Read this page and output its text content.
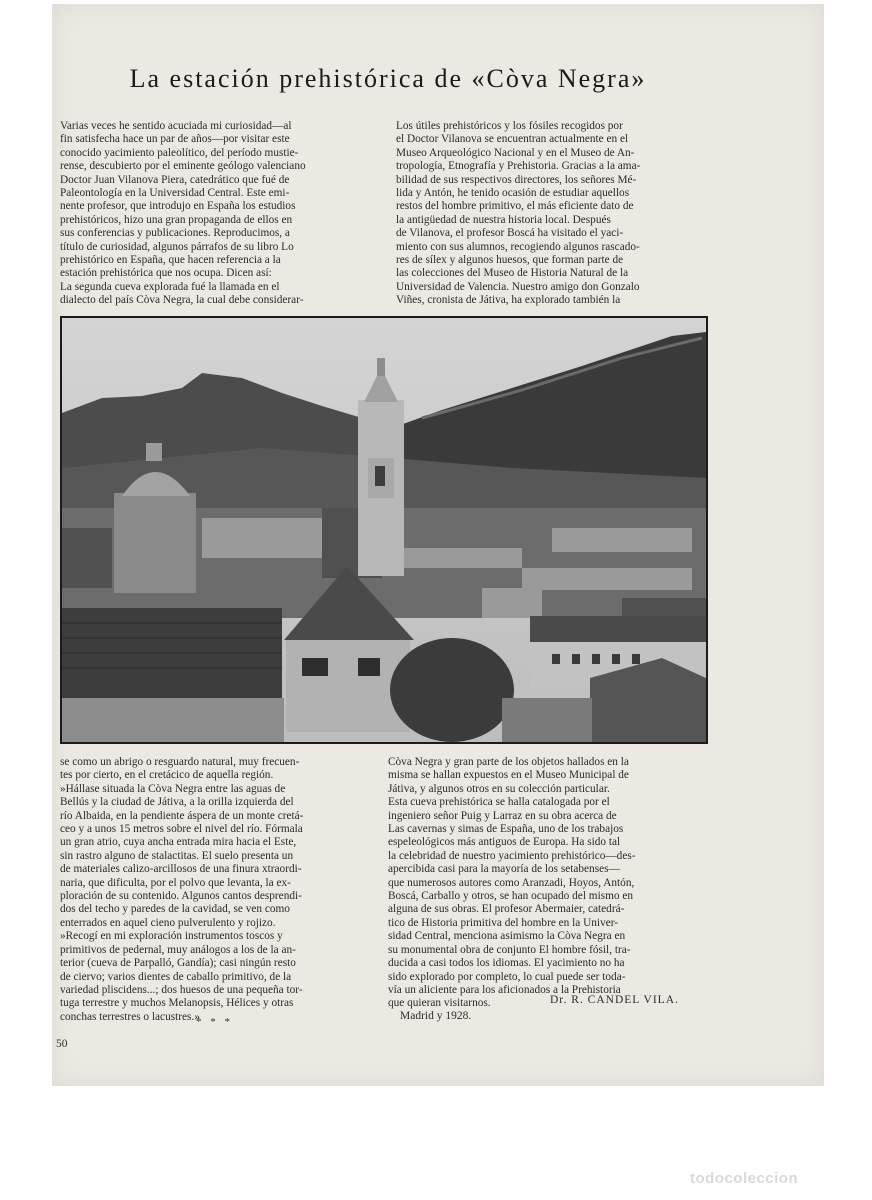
La estación prehistórica de «Còva Negra»
Varias veces he sentido acuciada mi curiosidad—al
fin satisfecha hace un par de años—por visitar este
conocido yacimiento paleolítico, del período mustie-
rense, descubierto por el eminente geólogo valenciano
Doctor Juan Vilanova Piera, catedrático que fué de
Paleontología en la Universidad Central. Este emi-
nente profesor, que introdujo en España los estudios
prehistóricos, hizo una gran propaganda de ellos en
sus conferencias y publicaciones. Reproducimos, a
título de curiosidad, algunos párrafos de su libro Lo
prehistórico en España, que hacen referencia a la
estación prehistórica que nos ocupa. Dicen así:
La segunda cueva explorada fué la llamada en el
dialecto del país Còva Negra, la cual debe considerar-
Los útiles prehistóricos y los fósiles recogidos por
el Doctor Vilanova se encuentran actualmente en el
Museo Arqueológico Nacional y en el Museo de An-
tropología, Etnografía y Prehistoria. Gracias a la ama-
bilidad de sus respectivos directores, los señores Mé-
lida y Antón, he tenido ocasión de estudiar aquellos
restos del hombre primitivo, el más eficiente dato de
la antigüedad de nuestra historia local. Después
de Vilanova, el profesor Boscá ha visitado el yaci-
miento con sus alumnos, recogiendo algunos rascado-
res de sílex y algunos huesos, que forman parte de
las colecciones del Museo de Historia Natural de la
Universidad de Valencia. Nuestro amigo don Gonzalo
Viñes, cronista de Játiva, ha explorado también la
se como un abrigo o resguardo natural, muy frecuen-
tes por cierto, en el cretácico de aquella región.
»Hállase situada la Còva Negra entre las aguas de
Bellús y la ciudad de Játiva, a la orilla izquierda del
río Albaida, en la pendiente áspera de un monte cretá-
ceo y a unos 15 metros sobre el nivel del río. Fórmala
un gran atrio, cuya ancha entrada mira hacia el Este,
sin rastro alguno de stalactitas. El suelo presenta un
de materiales calizo-arcillosos de una finura xtraordi-
naria, que dificulta, por el polvo que levanta, la ex-
ploración de su contenido. Algunos cantos desprendi-
dos del techo y paredes de la cavidad, se ven como
enterrados en aquel cieno pulverulento y rojizo.
»Recogí en mi exploración instrumentos toscos y
primitivos de pedernal, muy análogos a los de la an-
terior (cueva de Parpalló, Gandía); casi ningún resto
de ciervo; varios dientes de caballo primitivo, de la
variedad pliscidens...; dos huesos de una pequeña tor-
tuga terrestre y muchos Melanopsis, Hélices y otras
conchas terrestres o lacustres.»
Còva Negra y gran parte de los objetos hallados en la
misma se hallan expuestos en el Museo Municipal de
Játiva, y algunos otros en su colección particular.
Esta cueva prehistórica se halla catalogada por el
ingeniero señor Puig y Larraz en su obra acerca de
Las cavernas y simas de España, uno de los trabajos
espeleológicos más antiguos de Europa. Ha sido tal
la celebridad de nuestro yacimiento prehistórico—des-
apercibida casi para la mayoría de los setabenses—
que numerosos autores como Aranzadi, Hoyos, Antón,
Boscá, Carballo y otros, se han ocupado del mismo en
alguna de sus obras. El profesor Abermaier, catedrá-
tico de Historia primitiva del hombre en la Univer-
sidad Central, menciona asimismo la Còva Negra en
su monumental obra de conjunto El hombre fósil, tra-
ducida a casi todos los idiomas. El yacimiento no ha
sido explorado por completo, lo cual puede ser toda-
vía un aliciente para los aficionados a la Prehistoria
que quieran visitarnos.	Dr. R. CANDEL VILA.
* * *	Madrid y 1928.
50
todocoleccion
